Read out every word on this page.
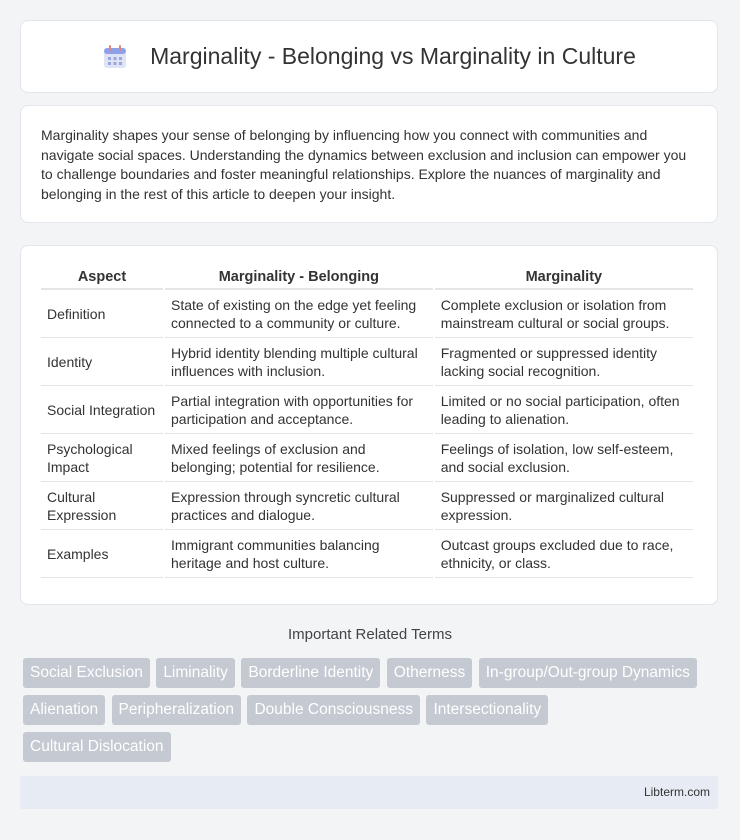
Marginality - Belonging vs Marginality in Culture

Marginality shapes your sense of belonging by influencing how you connect with communities and navigate social spaces. Understanding the dynamics between exclusion and inclusion can empower you to challenge boundaries and foster meaningful relationships. Explore the nuances of marginality and belonging in the rest of this article to deepen your insight.

Aspect	Marginality - Belonging	Marginality
Definition	State of existing on the edge yet feeling connected to a community or culture.	Complete exclusion or isolation from mainstream cultural or social groups.
Identity	Hybrid identity blending multiple cultural influences with inclusion.	Fragmented or suppressed identity lacking social recognition.
Social Integration	Partial integration with opportunities for participation and acceptance.	Limited or no social participation, often leading to alienation.
Psychological Impact	Mixed feelings of exclusion and belonging; potential for resilience.	Feelings of isolation, low self-esteem, and social exclusion.
Cultural Expression	Expression through syncretic cultural practices and dialogue.	Suppressed or marginalized cultural expression.
Examples	Immigrant communities balancing heritage and host culture.	Outcast groups excluded due to race, ethnicity, or class.
Important Related Terms
Social Exclusion Liminality Borderline Identity Otherness In-group/Out-group Dynamics Alienation Peripheralization Double Consciousness Intersectionality Cultural Dislocation
Libterm.com
